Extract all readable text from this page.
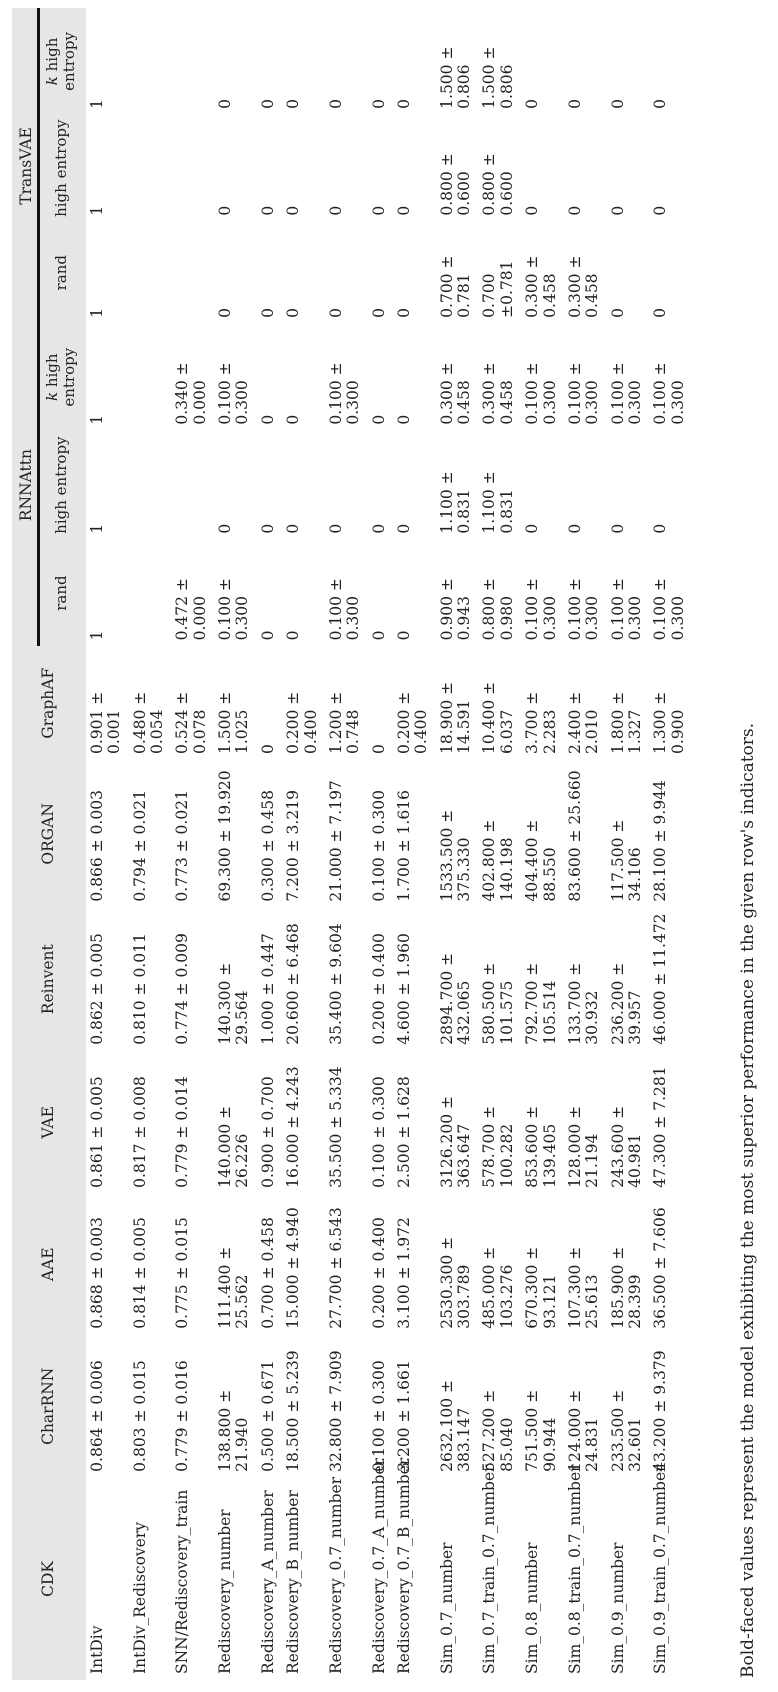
CDK	CharRNN	AAE	VAE	Reinvent	ORGAN	GraphAF	RNNAttn			TransVAE		

							rand	high entropy	k high entropy	rand	high entropy	k high entropy
IntDiv	0.864 ± 0.006	0.868 ± 0.003	0.861 ± 0.005	0.862 ± 0.005	0.866 ± 0.003	0.901 ± 0.001	1	1	1	1	1	1
IntDiv_Rediscovery	0.803 ± 0.015	0.814 ± 0.005	0.817 ± 0.008	0.810 ± 0.011	0.794 ± 0.021	0.480 ± 0.054						
SNN/Rediscovery_train	0.779 ± 0.016	0.775 ± 0.015	0.779 ± 0.014	0.774 ± 0.009	0.773 ± 0.021	0.524 ± 0.078	0.472 ± 0.000		0.340 ± 0.000			
Rediscovery_number	138.800 ± 21.940	111.400 ± 25.562	140.000 ± 26.226	140.300 ± 29.564	69.300 ± 19.920	1.500 ± 1.025	0.100 ± 0.300	0	0.100 ± 0.300	0	0	0
Rediscovery_A_number	0.500 ± 0.671	0.700 ± 0.458	0.900 ± 0.700	1.000 ± 0.447	0.300 ± 0.458	0	0	0	0	0	0	0
Rediscovery_B_number	18.500 ± 5.239	15.000 ± 4.940	16.000 ± 4.243	20.600 ± 6.468	7.200 ± 3.219	0.200 ± 0.400	0	0	0	0	0	0
Rediscovery_0.7_number	32.800 ± 7.909	27.700 ± 6.543	35.500 ± 5.334	35.400 ± 9.604	21.000 ± 7.197	1.200 ± 0.748	0.100 ± 0.300	0	0.100 ± 0.300	0	0	0
Rediscovery_0.7_A_number	0.100 ± 0.300	0.200 ± 0.400	0.100 ± 0.300	0.200 ± 0.400	0.100 ± 0.300	0	0	0	0	0	0	0
Rediscovery_0.7_B_number	3.200 ± 1.661	3.100 ± 1.972	2.500 ± 1.628	4.600 ± 1.960	1.700 ± 1.616	0.200 ± 0.400	0	0	0	0	0	0
Sim_0.7_number	2632.100 ± 383.147	2530.300 ± 303.789	3126.200 ± 363.647	2894.700 ± 432.065	1533.500 ± 375.330	18.900 ± 14.591	0.900 ± 0.943	1.100 ± 0.831	0.300 ± 0.458	0.700 ± 0.781	0.800 ± 0.600	1.500 ± 0.806
Sim_0.7_train_0.7_number	527.200 ± 85.040	485.000 ± 103.276	578.700 ± 100.282	580.500 ± 101.575	402.800 ± 140.198	10.400 ± 6.037	0.800 ± 0.980	1.100 ± 0.831	0.300 ± 0.458	0.700 ±0.781	0.800 ± 0.600	1.500 ± 0.806
Sim_0.8_number	751.500 ± 90.944	670.300 ± 93.121	853.600 ± 139.405	792.700 ± 105.514	404.400 ± 88.550	3.700 ± 2.283	0.100 ± 0.300	0	0.100 ± 0.300	0.300 ± 0.458	0	0
Sim_0.8_train_0.7_number	124.000 ± 24.831	107.300 ± 25.613	128.000 ± 21.194	133.700 ± 30.932	83.600 ± 25.660	2.400 ± 2.010	0.100 ± 0.300	0	0.100 ± 0.300	0.300 ± 0.458	0	0
Sim_0.9_number	233.500 ± 32.601	185.900 ± 28.399	243.600 ± 40.981	236.200 ± 39.957	117.500 ± 34.106	1.800 ± 1.327	0.100 ± 0.300	0	0.100 ± 0.300	0	0	0
Sim_0.9_train_0.7_number	43.200 ± 9.379	36.500 ± 7.606	47.300 ± 7.281	46.000 ± 11.472	28.100 ± 9.944	1.300 ± 0.900	0.100 ± 0.300	0	0.100 ± 0.300	0	0	0
Bold-faced values represent the model exhibiting the most superior performance in the given row's indicators.
